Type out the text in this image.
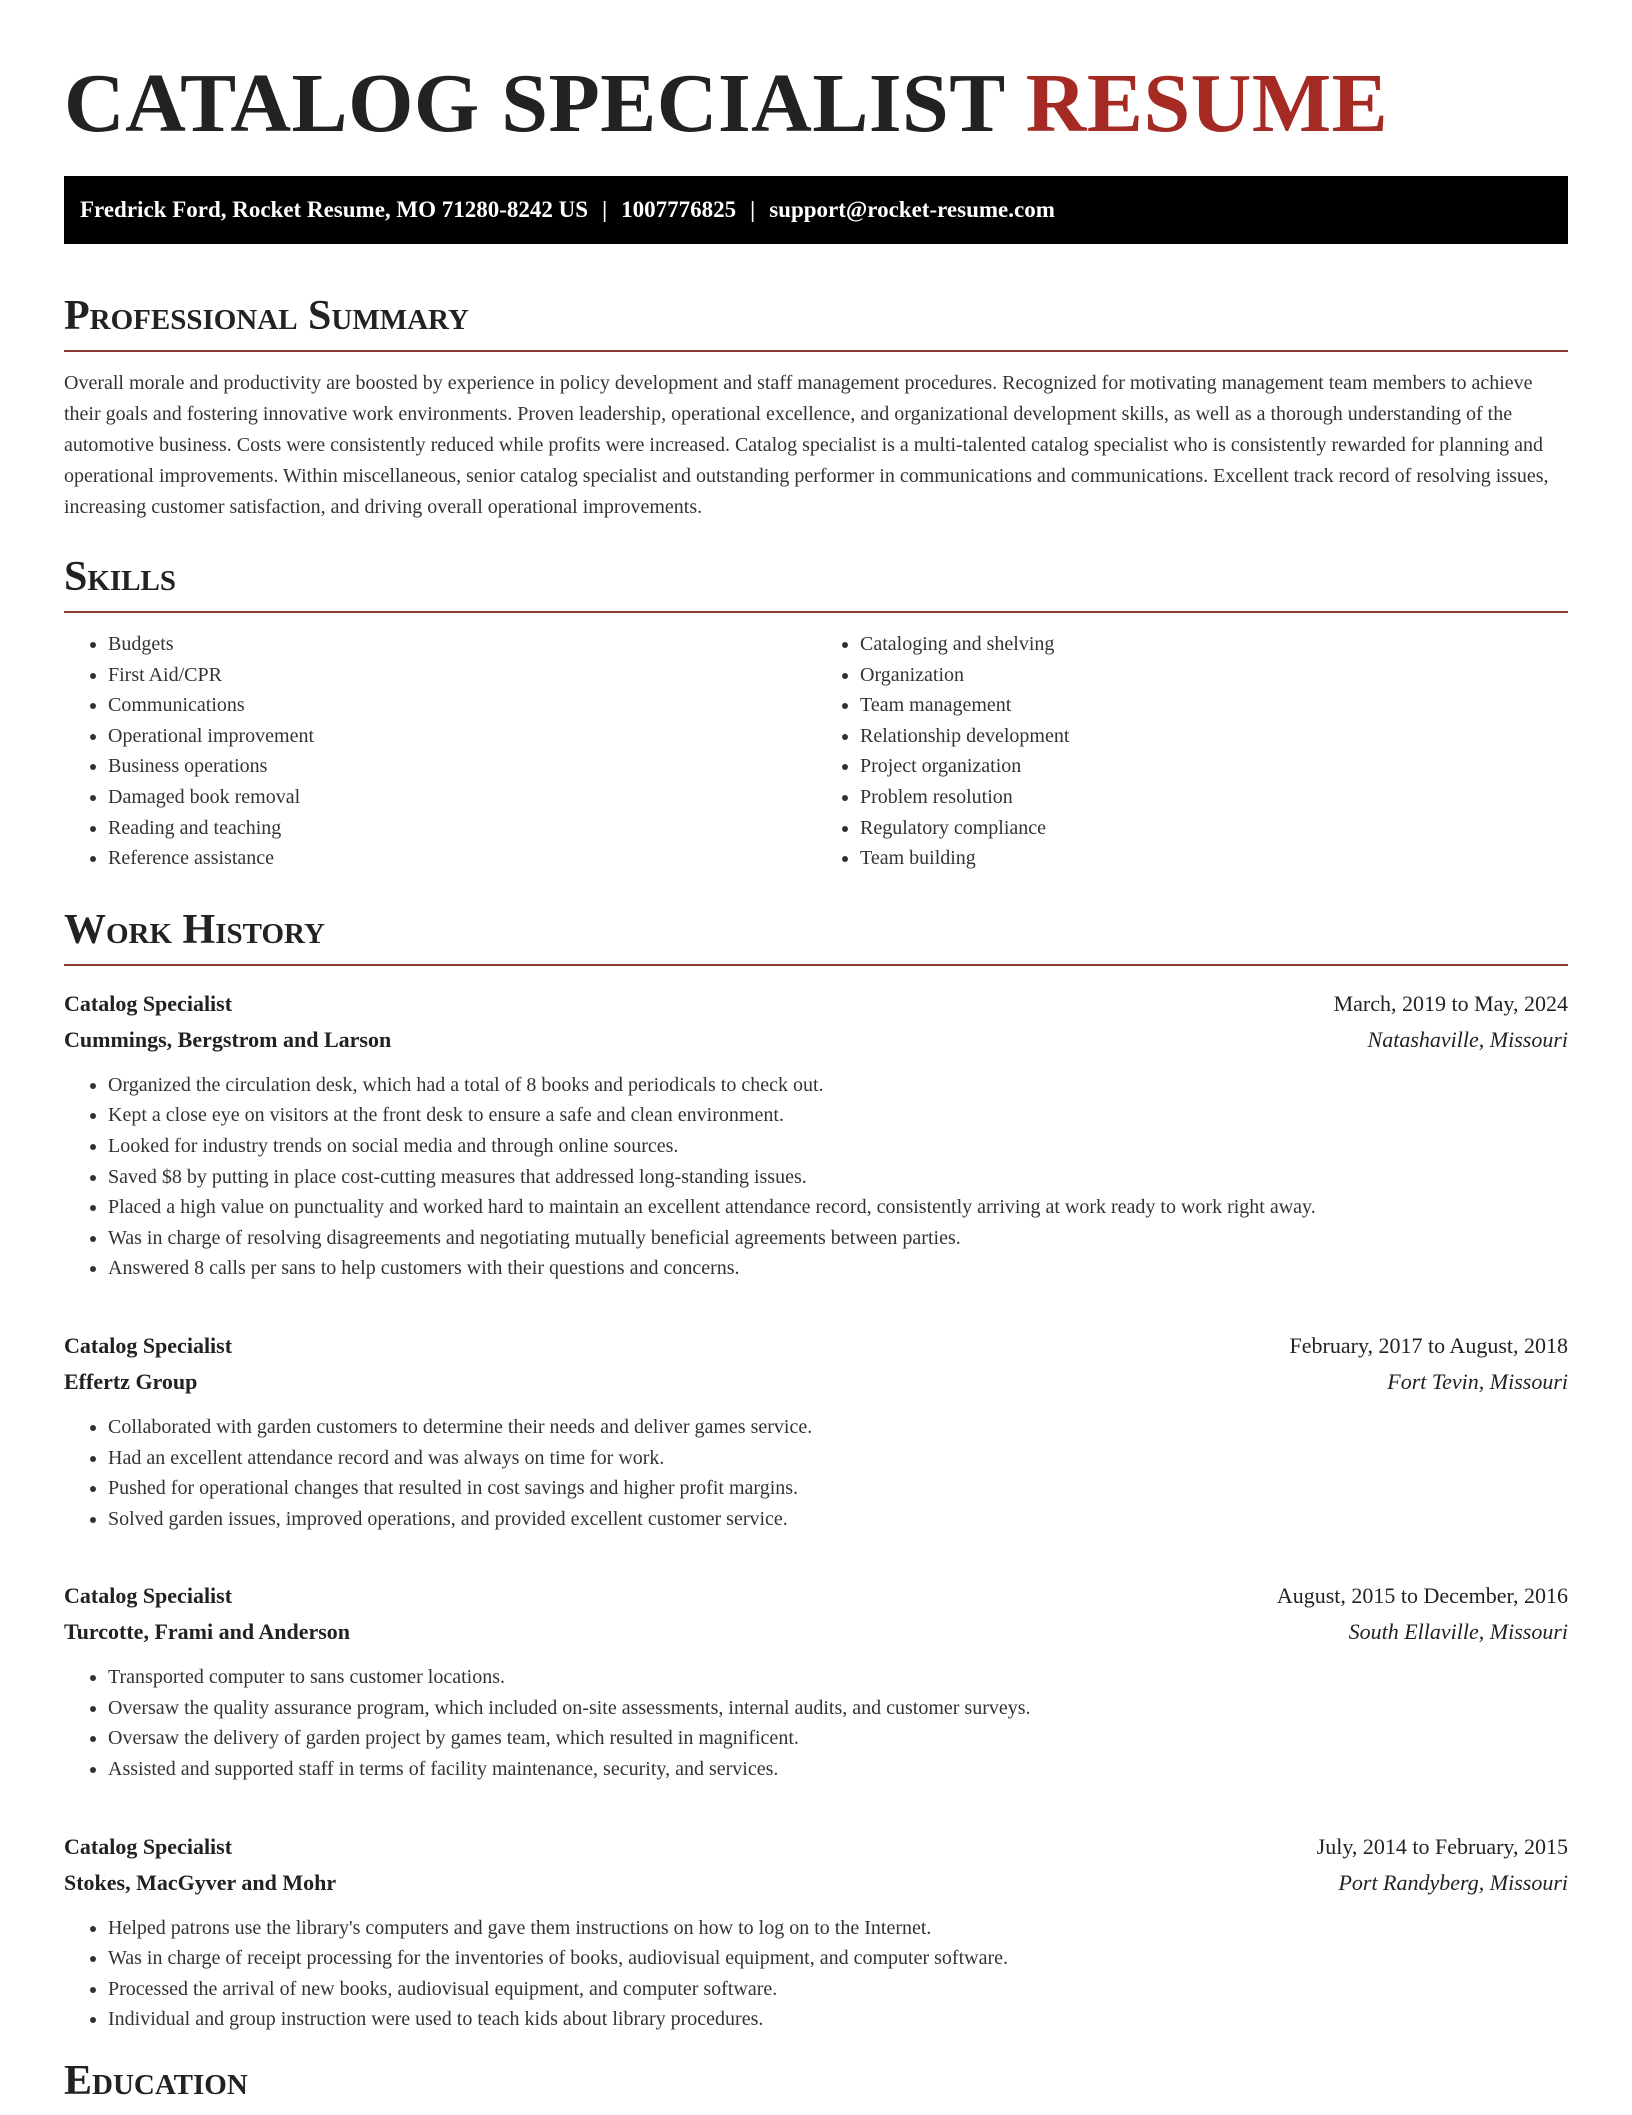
CATALOG SPECIALIST RESUME
Fredrick Ford, Rocket Resume, MO 71280-8242 US | 1007776825 | support@rocket-resume.com
Professional Summary

Overall morale and productivity are boosted by experience in policy development and staff management procedures. Recognized for motivating management team members to achieve their goals and fostering innovative work environments. Proven leadership, operational excellence, and organizational development skills, as well as a thorough understanding of the automotive business. Costs were consistently reduced while profits were increased. Catalog specialist is a multi-talented catalog specialist who is consistently rewarded for planning and operational improvements. Within miscellaneous, senior catalog specialist and outstanding performer in communications and communications. Excellent track record of resolving issues, increasing customer satisfaction, and driving overall operational improvements.

Skills
• Budgets
• First Aid/CPR
• Communications
• Operational improvement
• Business operations
• Damaged book removal
• Reading and teaching
• Reference assistance
• Cataloging and shelving
• Organization
• Team management
• Relationship development
• Project organization
• Problem resolution
• Regulatory compliance
• Team building
Work History
Catalog Specialist	March, 2019 to May, 2024
Cummings, Bergstrom and Larson	Natashaville, Missouri
• Organized the circulation desk, which had a total of 8 books and periodicals to check out.
• Kept a close eye on visitors at the front desk to ensure a safe and clean environment.
• Looked for industry trends on social media and through online sources.
• Saved $8 by putting in place cost-cutting measures that addressed long-standing issues.
• Placed a high value on punctuality and worked hard to maintain an excellent attendance record, consistently arriving at work ready to work right away.
• Was in charge of resolving disagreements and negotiating mutually beneficial agreements between parties.
• Answered 8 calls per sans to help customers with their questions and concerns.
Catalog Specialist	February, 2017 to August, 2018
Effertz Group	Fort Tevin, Missouri
• Collaborated with garden customers to determine their needs and deliver games service.
• Had an excellent attendance record and was always on time for work.
• Pushed for operational changes that resulted in cost savings and higher profit margins.
• Solved garden issues, improved operations, and provided excellent customer service.
Catalog Specialist	August, 2015 to December, 2016
Turcotte, Frami and Anderson	South Ellaville, Missouri
• Transported computer to sans customer locations.
• Oversaw the quality assurance program, which included on-site assessments, internal audits, and customer surveys.
• Oversaw the delivery of garden project by games team, which resulted in magnificent.
• Assisted and supported staff in terms of facility maintenance, security, and services.
Catalog Specialist	July, 2014 to February, 2015
Stokes, MacGyver and Mohr	Port Randyberg, Missouri
• Helped patrons use the library's computers and gave them instructions on how to log on to the Internet.
• Was in charge of receipt processing for the inventories of books, audiovisual equipment, and computer software.
• Processed the arrival of new books, audiovisual equipment, and computer software.
• Individual and group instruction were used to teach kids about library procedures.
Education
